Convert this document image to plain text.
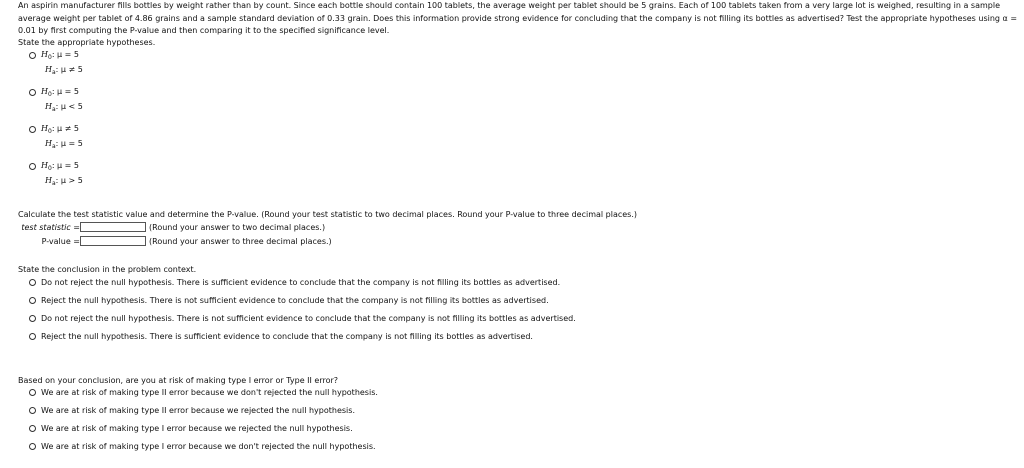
An aspirin manufacturer fills bottles by weight rather than by count. Since each bottle should contain 100 tablets, the average weight per tablet should be 5 grains. Each of 100 tablets taken from a very large lot is weighed, resulting in a sample average weight per tablet of 4.86 grains and a sample standard deviation of 0.33 grain. Does this information provide strong evidence for concluding that the company is not filling its bottles as advertised? Test the appropriate hypotheses using α = 0.01 by first computing the P-value and then comparing it to the specified significance level.
State the appropriate hypotheses.
$H_0$: μ = 5
$H_a$: μ ≠ 5
$H_0$: μ = 5
$H_a$: μ < 5
$H_0$: μ ≠ 5
$H_a$: μ = 5
$H_0$: μ = 5
$H_a$: μ > 5
Calculate the test statistic value and determine the P-value. (Round your test statistic to two decimal places. Round your P-value to three decimal places.)
test statistic =	(Round your answer to two decimal places.)
P-value =	(Round your answer to three decimal places.)
State the conclusion in the problem context.
Do not reject the null hypothesis. There is sufficient evidence to conclude that the company is not filling its bottles as advertised.
Reject the null hypothesis. There is not sufficient evidence to conclude that the company is not filling its bottles as advertised.
Do not reject the null hypothesis. There is not sufficient evidence to conclude that the company is not filling its bottles as advertised.
Reject the null hypothesis. There is sufficient evidence to conclude that the company is not filling its bottles as advertised.
Based on your conclusion, are you at risk of making type I error or Type II error?
We are at risk of making type II error because we don't rejected the null hypothesis.
We are at risk of making type II error because we rejected the null hypothesis.
We are at risk of making type I error because we rejected the null hypothesis.
We are at risk of making type I error because we don't rejected the null hypothesis.
